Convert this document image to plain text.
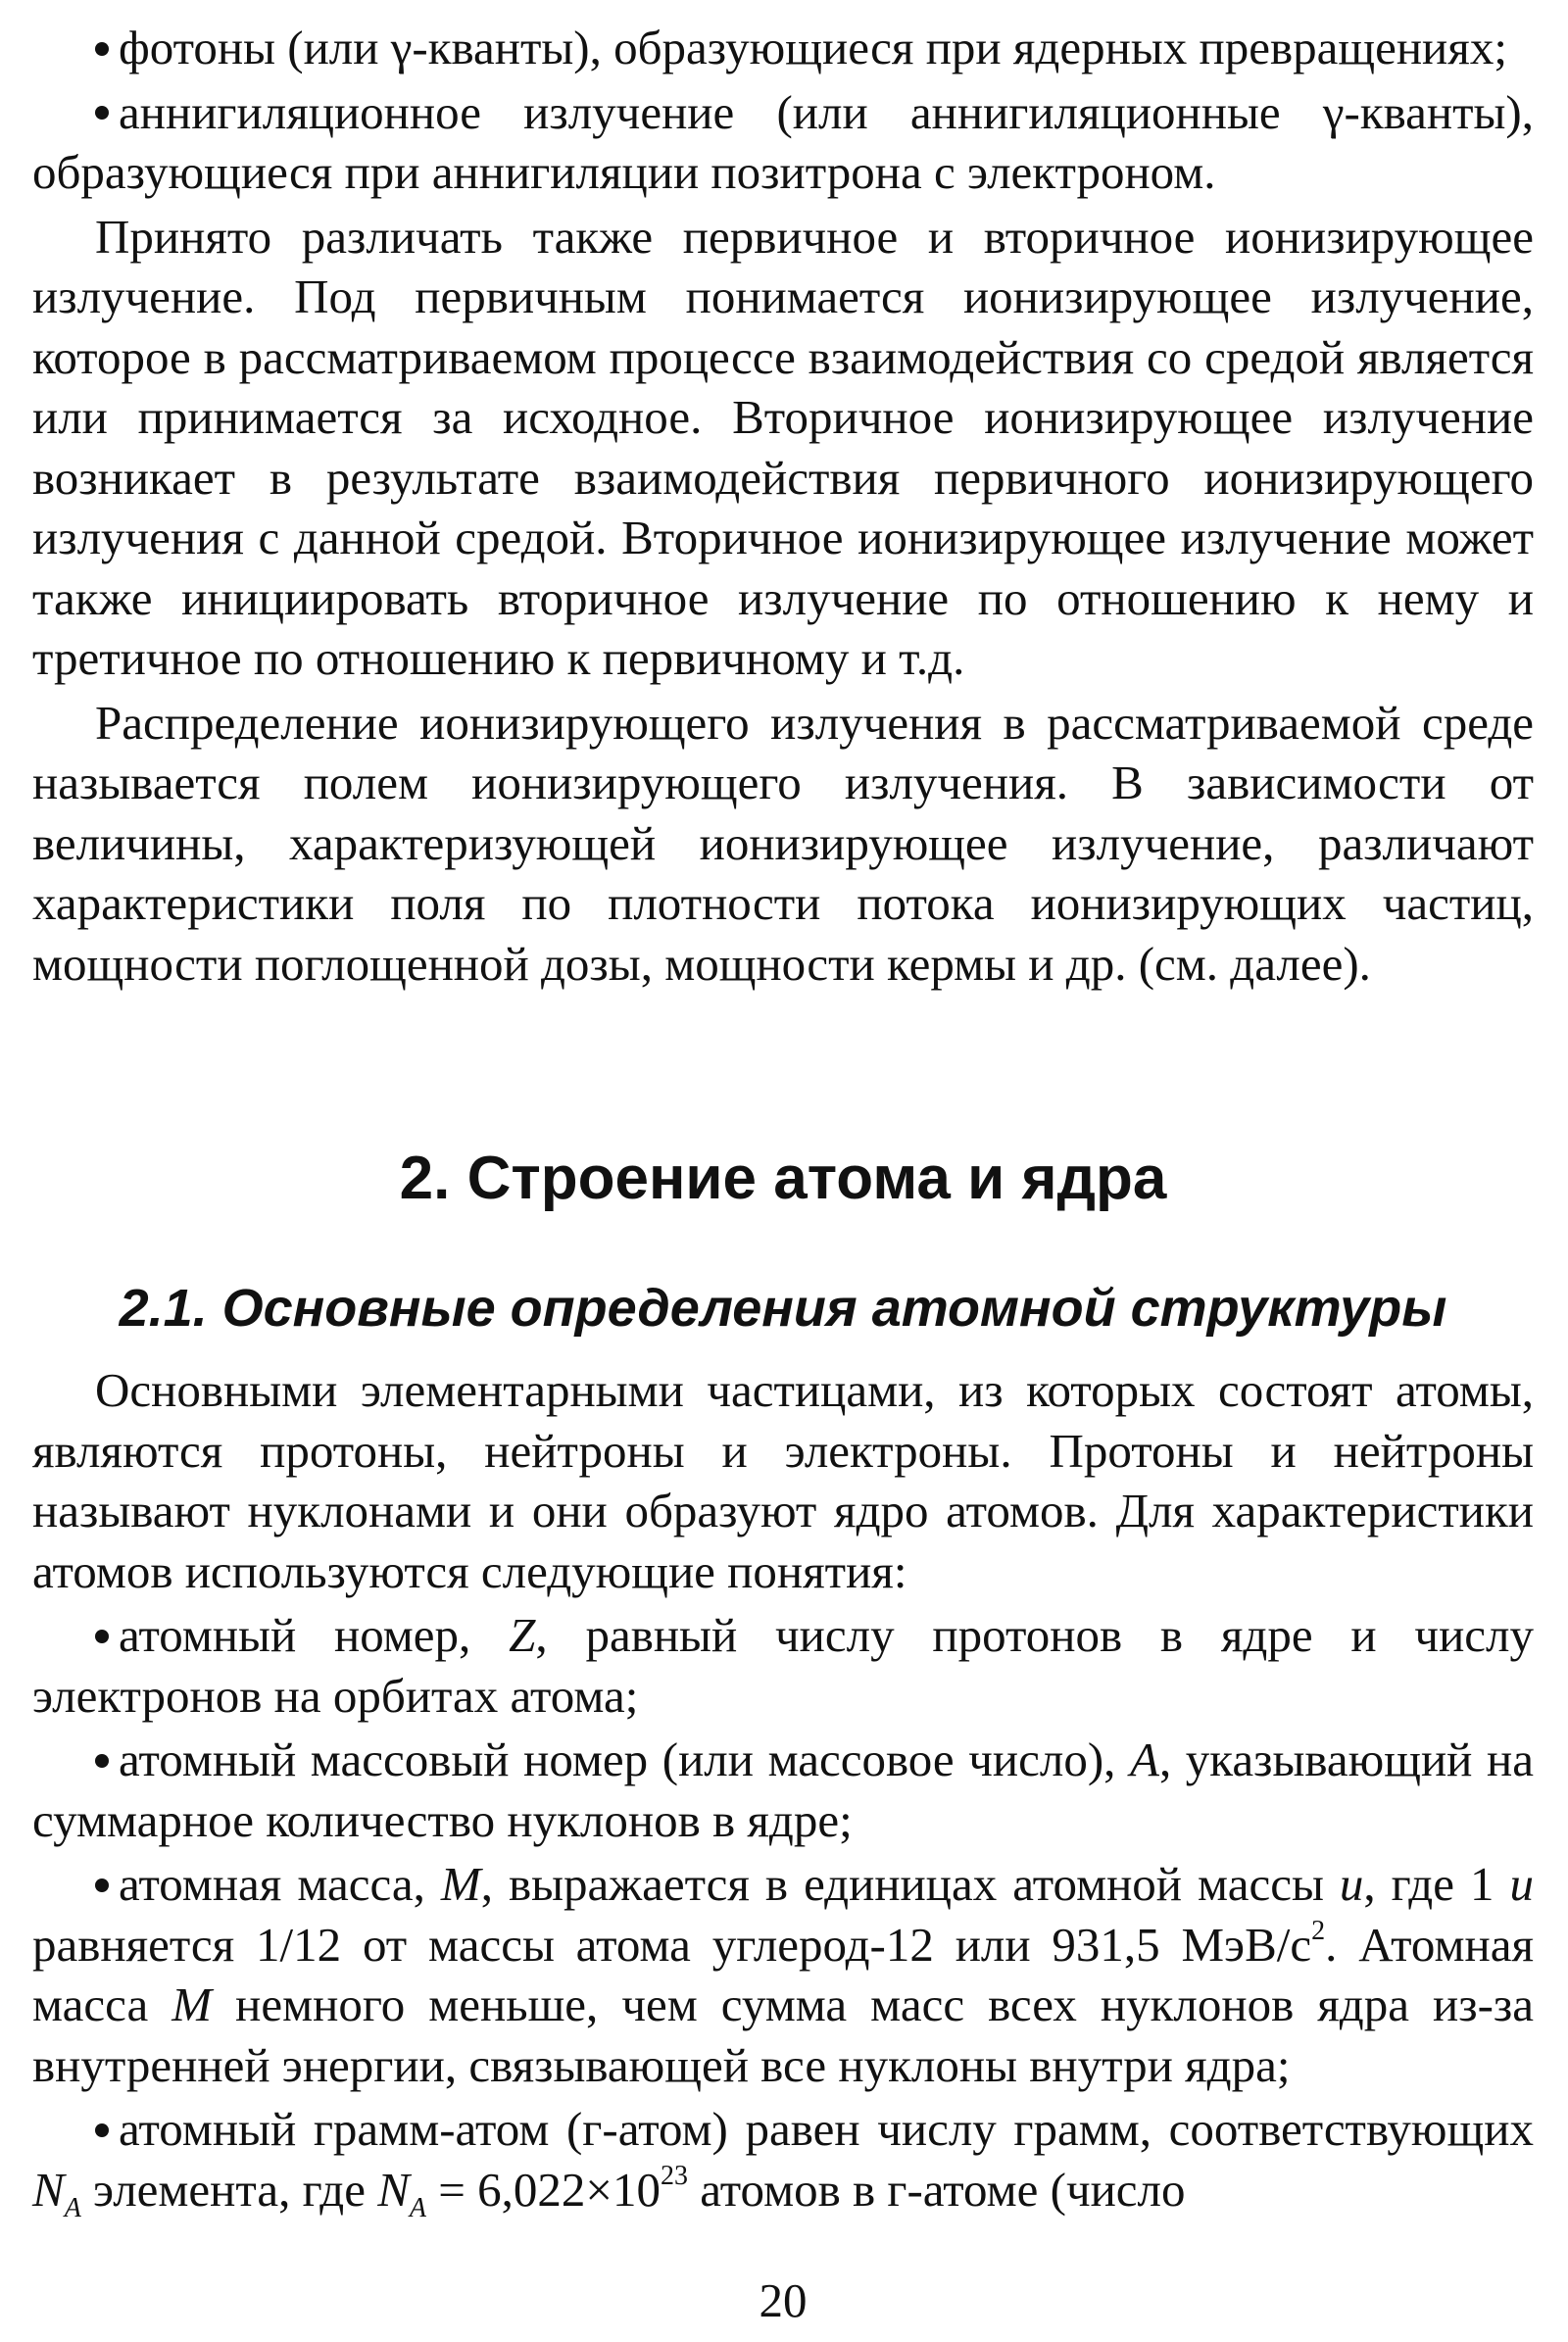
фотоны (или γ-кванты), образующиеся при ядерных превращениях;

аннигиляционное излучение (или аннигиляционные γ-кванты), образующиеся при аннигиляции позитрона с электроном.

Принято различать также первичное и вторичное ионизирующее излучение. Под первичным понимается ионизирующее излучение, которое в рассматриваемом процессе взаимодействия со средой является или принимается за исходное. Вторичное ионизирующее излучение возникает в результате взаимодействия первичного ионизирующего излучения с данной средой. Вторичное ионизирующее излучение может также инициировать вторичное излучение по отношению к нему и третичное по отношению к первичному и т.д.

Распределение ионизирующего излучения в рассматриваемой среде называется полем ионизирующего излучения. В зависимости от величины, характеризующей ионизирующее излучение, различают характеристики поля по плотности потока ионизирующих частиц, мощности поглощенной дозы, мощности кермы и др. (см. далее).

2. Строение атома и ядра
2.1. Основные определения атомной структуры

Основными элементарными частицами, из которых состоят атомы, являются протоны, нейтроны и электроны. Протоны и нейтроны называют нуклонами и они образуют ядро атомов. Для характеристики атомов используются следующие понятия:

атомный номер, Z, равный числу протонов в ядре и числу электронов на орбитах атома;

атомный массовый номер (или массовое число), A, указывающий на суммарное количество нуклонов в ядре;

атомная масса, M, выражается в единицах атомной массы u, где 1 u равняется 1/12 от массы атома углерод-12 или 931,5 МэВ/$с^2$. Атомная масса M немного меньше, чем сумма масс всех нуклонов ядра из-за внутренней энергии, связывающей все нуклоны внутри ядра;

атомный грамм-атом (г-атом) равен числу грамм, соответствующих $N_A$ элемента, где $N_A = 6,022\times 10^{23}$ атомов в г-атоме (число

20
